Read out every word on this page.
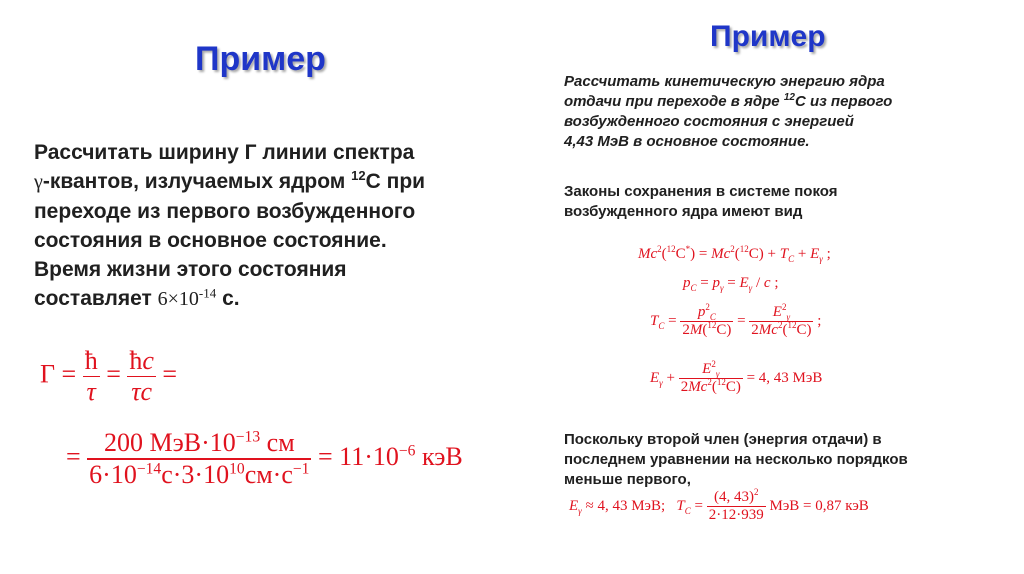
Пример
Пример
Рассчитать ширину Г линии спектра
γ-квантов, излучаемых ядром $^{12}$С при
переходе из первого возбужденного
состояния в основное состояние.
Время жизни этого состояния
составляет $6\times 10^{-14}$ с.
$\Gamma = \frac{ħ}{\tau} = \frac{ħc}{\tau c}$ =
= $\frac{200 МэВ\cdot 10^{-13} см}{6\cdot 10^{-14}с\cdot 3\cdot 10^{10}см\cdot с^{-1}} = 11\cdot 10^{-6}$ кэВ
Рассчитать кинетическую энергию ядра
отдачи при переходе в ядре $^{12}$С из первого
возбужденного состояния с энергией
4,43 МэВ в основное состояние.
Законы сохранения в системе покоя
возбужденного ядра имеют вид
$Mc^2(^{12}C^*) = Mc^2(^{12}C) + T_C + E_\gamma$ ;
$p_C = p_\gamma = E_\gamma / c$ ;
$T_C = \frac{p^2_C}{2M(^{12}C)} = \frac{E^2_\gamma}{2Mc^2(^{12}C)}$ ;
$E_\gamma + \frac{E^2_\gamma}{2Mc^2(^{12}C)} = 4$, 43 МэВ
Поскольку второй член (энергия отдачи) в
последнем уравнении на несколько порядков
меньше первого,
$E_\gamma \approx 4$, 43 МэВ;   $T_C = \frac{(4, 43)^2}{2\cdot 12\cdot 939}$ МэВ = 0,87 кэВ
